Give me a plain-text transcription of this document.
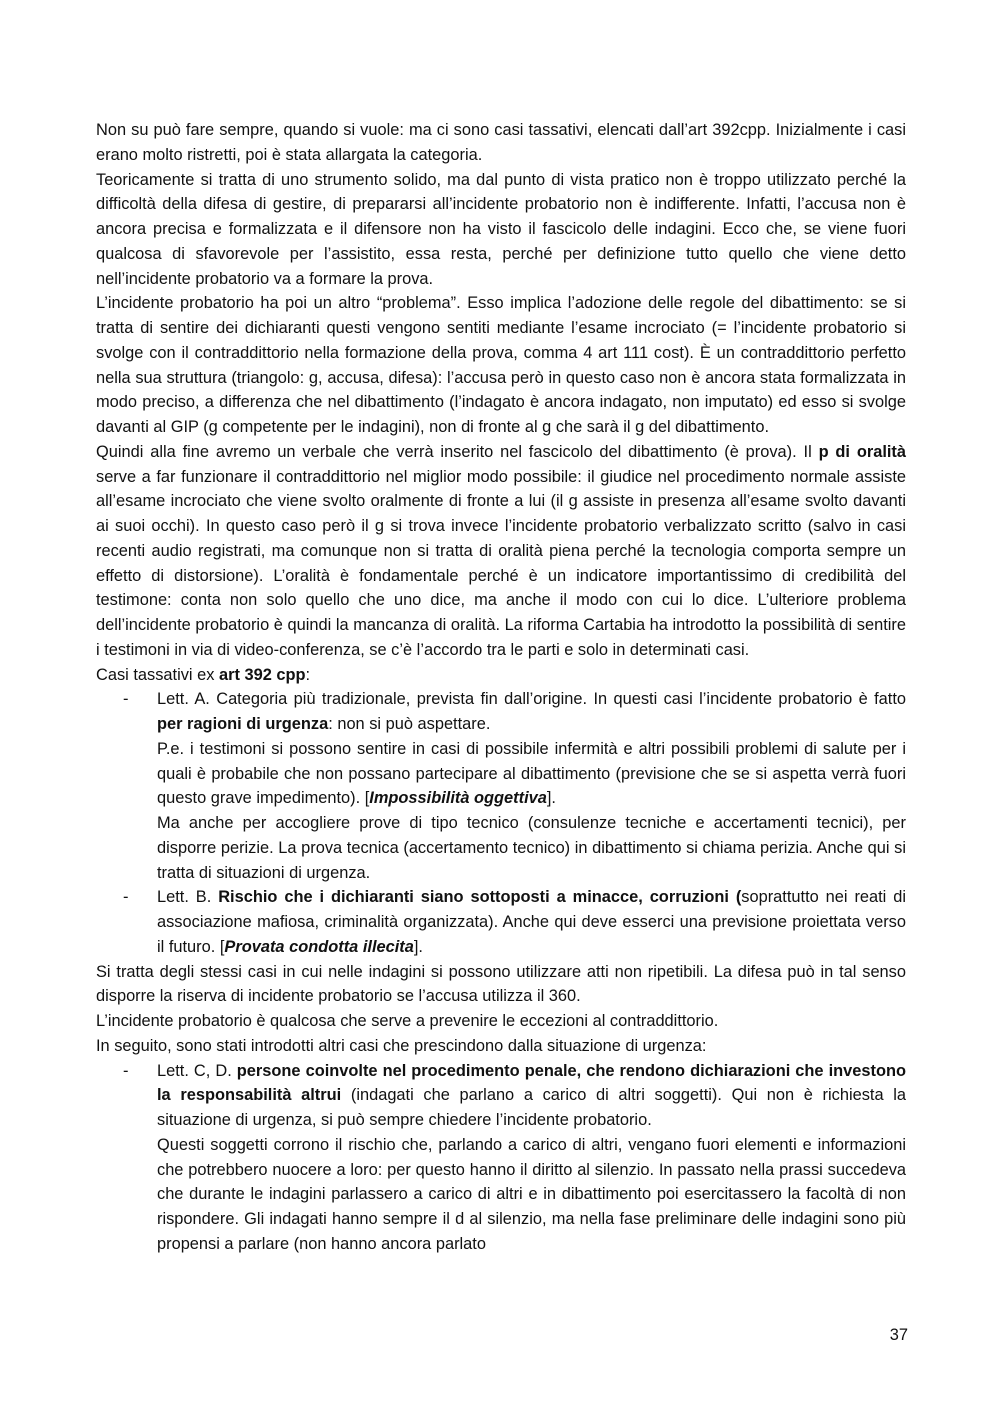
Non su può fare sempre, quando si vuole: ma ci sono casi tassativi, elencati dall’art 392cpp. Inizialmente i casi erano molto ristretti, poi è stata allargata la categoria.

Teoricamente si tratta di uno strumento solido, ma dal punto di vista pratico non è troppo utilizzato perché la difficoltà della difesa di gestire, di prepararsi all’incidente probatorio non è indifferente. Infatti, l’accusa non è ancora precisa e formalizzata e il difensore non ha visto il fascicolo delle indagini. Ecco che, se viene fuori qualcosa di sfavorevole per l’assistito, essa resta, perché per definizione tutto quello che viene detto nell’incidente probatorio va a formare la prova.

L’incidente probatorio ha poi un altro “problema”. Esso implica l’adozione delle regole del dibattimento: se si tratta di sentire dei dichiaranti questi vengono sentiti mediante l’esame incrociato (= l’incidente probatorio si svolge con il contraddittorio nella formazione della prova, comma 4 art 111 cost). È un contraddittorio perfetto nella sua struttura (triangolo: g, accusa, difesa): l’accusa però in questo caso non è ancora stata formalizzata in modo preciso, a differenza che nel dibattimento (l’indagato è ancora indagato, non imputato) ed esso si svolge davanti al GIP (g competente per le indagini), non di fronte al g che sarà il g del dibattimento.

Quindi alla fine avremo un verbale che verrà inserito nel fascicolo del dibattimento (è prova). Il p di oralità serve a far funzionare il contraddittorio nel miglior modo possibile: il giudice nel procedimento normale assiste all’esame incrociato che viene svolto oralmente di fronte a lui (il g assiste in presenza all’esame svolto davanti ai suoi occhi). In questo caso però il g si trova invece l’incidente probatorio verbalizzato scritto (salvo in casi recenti audio registrati, ma comunque non si tratta di oralità piena perché la tecnologia comporta sempre un effetto di distorsione). L’oralità è fondamentale perché è un indicatore importantissimo di credibilità del testimone: conta non solo quello che uno dice, ma anche il modo con cui lo dice. L’ulteriore problema dell’incidente probatorio è quindi la mancanza di oralità. La riforma Cartabia ha introdotto la possibilità di sentire i testimoni in via di video-conferenza, se c’è l’accordo tra le parti e solo in determinati casi.

Casi tassativi ex art 392 cpp:

- Lett. A. Categoria più tradizionale, prevista fin dall’origine. In questi casi l’incidente probatorio è fatto per ragioni di urgenza: non si può aspettare.
P.e. i testimoni si possono sentire in casi di possibile infermità e altri possibili problemi di salute per i quali è probabile che non possano partecipare al dibattimento (previsione che se si aspetta verrà fuori questo grave impedimento). [Impossibilità oggettiva].
Ma anche per accogliere prove di tipo tecnico (consulenze tecniche e accertamenti tecnici), per disporre perizie. La prova tecnica (accertamento tecnico) in dibattimento si chiama perizia. Anche qui si tratta di situazioni di urgenza.
- Lett. B. Rischio che i dichiaranti siano sottoposti a minacce, corruzioni (soprattutto nei reati di associazione mafiosa, criminalità organizzata). Anche qui deve esserci una previsione proiettata verso il futuro. [Provata condotta illecita].

Si tratta degli stessi casi in cui nelle indagini si possono utilizzare atti non ripetibili. La difesa può in tal senso disporre la riserva di incidente probatorio se l’accusa utilizza il 360.

L’incidente probatorio è qualcosa che serve a prevenire le eccezioni al contraddittorio.

In seguito, sono stati introdotti altri casi che prescindono dalla situazione di urgenza:

- Lett. C, D. persone coinvolte nel procedimento penale, che rendono dichiarazioni che investono la responsabilità altrui (indagati che parlano a carico di altri soggetti). Qui non è richiesta la situazione di urgenza, si può sempre chiedere l’incidente probatorio.
Questi soggetti corrono il rischio che, parlando a carico di altri, vengano fuori elementi e informazioni che potrebbero nuocere a loro: per questo hanno il diritto al silenzio. In passato nella prassi succedeva che durante le indagini parlassero a carico di altri e in dibattimento poi esercitassero la facoltà di non rispondere. Gli indagati hanno sempre il d al silenzio, ma nella fase preliminare delle indagini sono più propensi a parlare (non hanno ancora parlato
37
